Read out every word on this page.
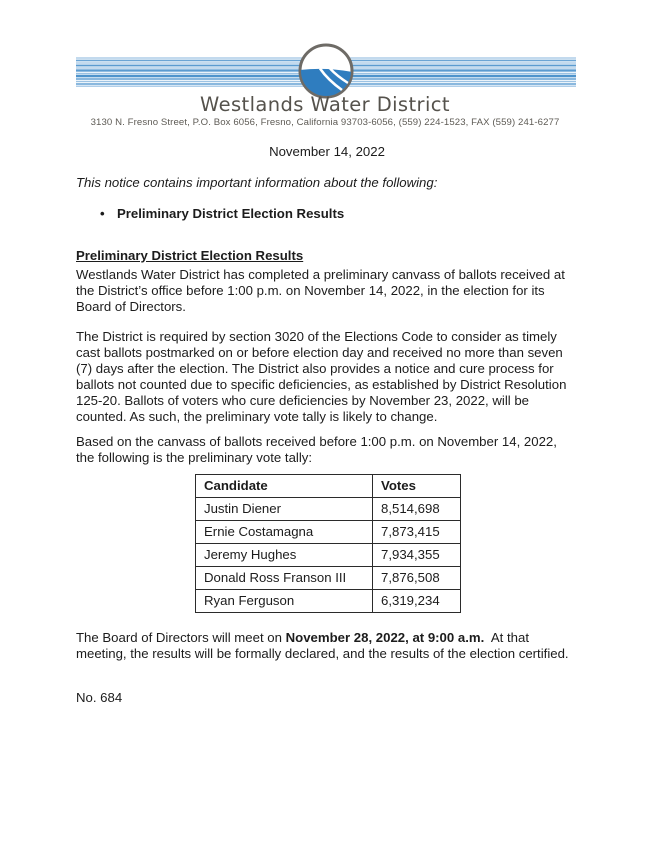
Westlands Water District
3130 N. Fresno Street, P.O. Box 6056, Fresno, California 93703-6056, (559) 224-1523, FAX (559) 241-6277
November 14, 2022
This notice contains important information about the following:
• Preliminary District Election Results
Preliminary District Election Results

Westlands Water District has completed a preliminary canvass of ballots received at the District’s office before 1:00 p.m. on November 14, 2022, in the election for its Board of Directors.

The District is required by section 3020 of the Elections Code to consider as timely cast ballots postmarked on or before election day and received no more than seven (7) days after the election. The District also provides a notice and cure process for ballots not counted due to specific deficiencies, as established by District Resolution 125-20. Ballots of voters who cure deficiencies by November 23, 2022, will be counted. As such, the preliminary vote tally is likely to change.

Based on the canvass of ballots received before 1:00 p.m. on November 14, 2022, the following is the preliminary vote tally:

Candidate	Votes
Justin Diener	8,514,698
Ernie Costamagna	7,873,415
Jeremy Hughes	7,934,355
Donald Ross Franson III	7,876,508
Ryan Ferguson	6,319,234

The Board of Directors will meet on November 28, 2022, at 9:00 a.m.  At that meeting, the results will be formally declared, and the results of the election certified.

No. 684
